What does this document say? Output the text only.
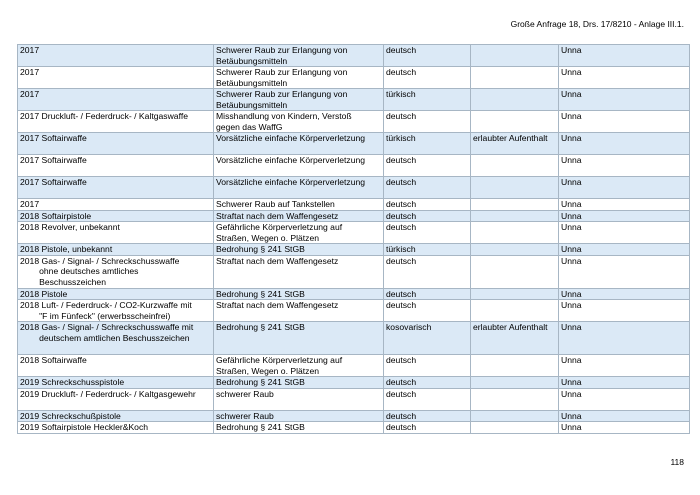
Große Anfrage 18, Drs. 17/8210 - Anlage III.1.
2017	Schwerer Raub zur Erlangung von
Betäubungsmitteln	deutsch		Unna
2017	Schwerer Raub zur Erlangung von
Betäubungsmitteln	deutsch		Unna
2017	Schwerer Raub zur Erlangung von
Betäubungsmitteln	türkisch		Unna
2017 Druckluft- / Federdruck- / Kaltgaswaffe	Misshandlung von Kindern, Verstoß
gegen das WaffG	deutsch		Unna
2017 Softairwaffe	Vorsätzliche einfache Körperverletzung	türkisch	erlaubter Aufenthalt	Unna
2017 Softairwaffe	Vorsätzliche einfache Körperverletzung	deutsch		Unna
2017 Softairwaffe	Vorsätzliche einfache Körperverletzung	deutsch		Unna
2017	Schwerer Raub auf Tankstellen	deutsch		Unna
2018 Softairpistole	Straftat nach dem Waffengesetz	deutsch		Unna
2018 Revolver, unbekannt	Gefährliche Körperverletzung auf
Straßen, Wegen o. Plätzen	deutsch		Unna
2018 Pistole, unbekannt	Bedrohung § 241 StGB	türkisch		Unna
2018 Gas- / Signal- / Schreckschusswaffe
ohne deutsches amtliches
Beschusszeichen	Straftat nach dem Waffengesetz	deutsch		Unna
2018 Pistole	Bedrohung § 241 StGB	deutsch		Unna
2018 Luft- / Federdruck- / CO2-Kurzwaffe mit
"F im Fünfeck" (erwerbsscheinfrei)	Straftat nach dem Waffengesetz	deutsch		Unna
2018 Gas- / Signal- / Schreckschusswaffe mit
deutschem amtlichen Beschusszeichen	Bedrohung § 241 StGB	kosovarisch	erlaubter Aufenthalt	Unna
2018 Softairwaffe	Gefährliche Körperverletzung auf
Straßen, Wegen o. Plätzen	deutsch		Unna
2019 Schreckschusspistole	Bedrohung § 241 StGB	deutsch		Unna
2019 Druckluft- / Federdruck- / Kaltgasgewehr	schwerer Raub	deutsch		Unna
2019 Schreckschußpistole	schwerer Raub	deutsch		Unna
2019 Softairpistole Heckler&Koch	Bedrohung § 241 StGB	deutsch		Unna
118
